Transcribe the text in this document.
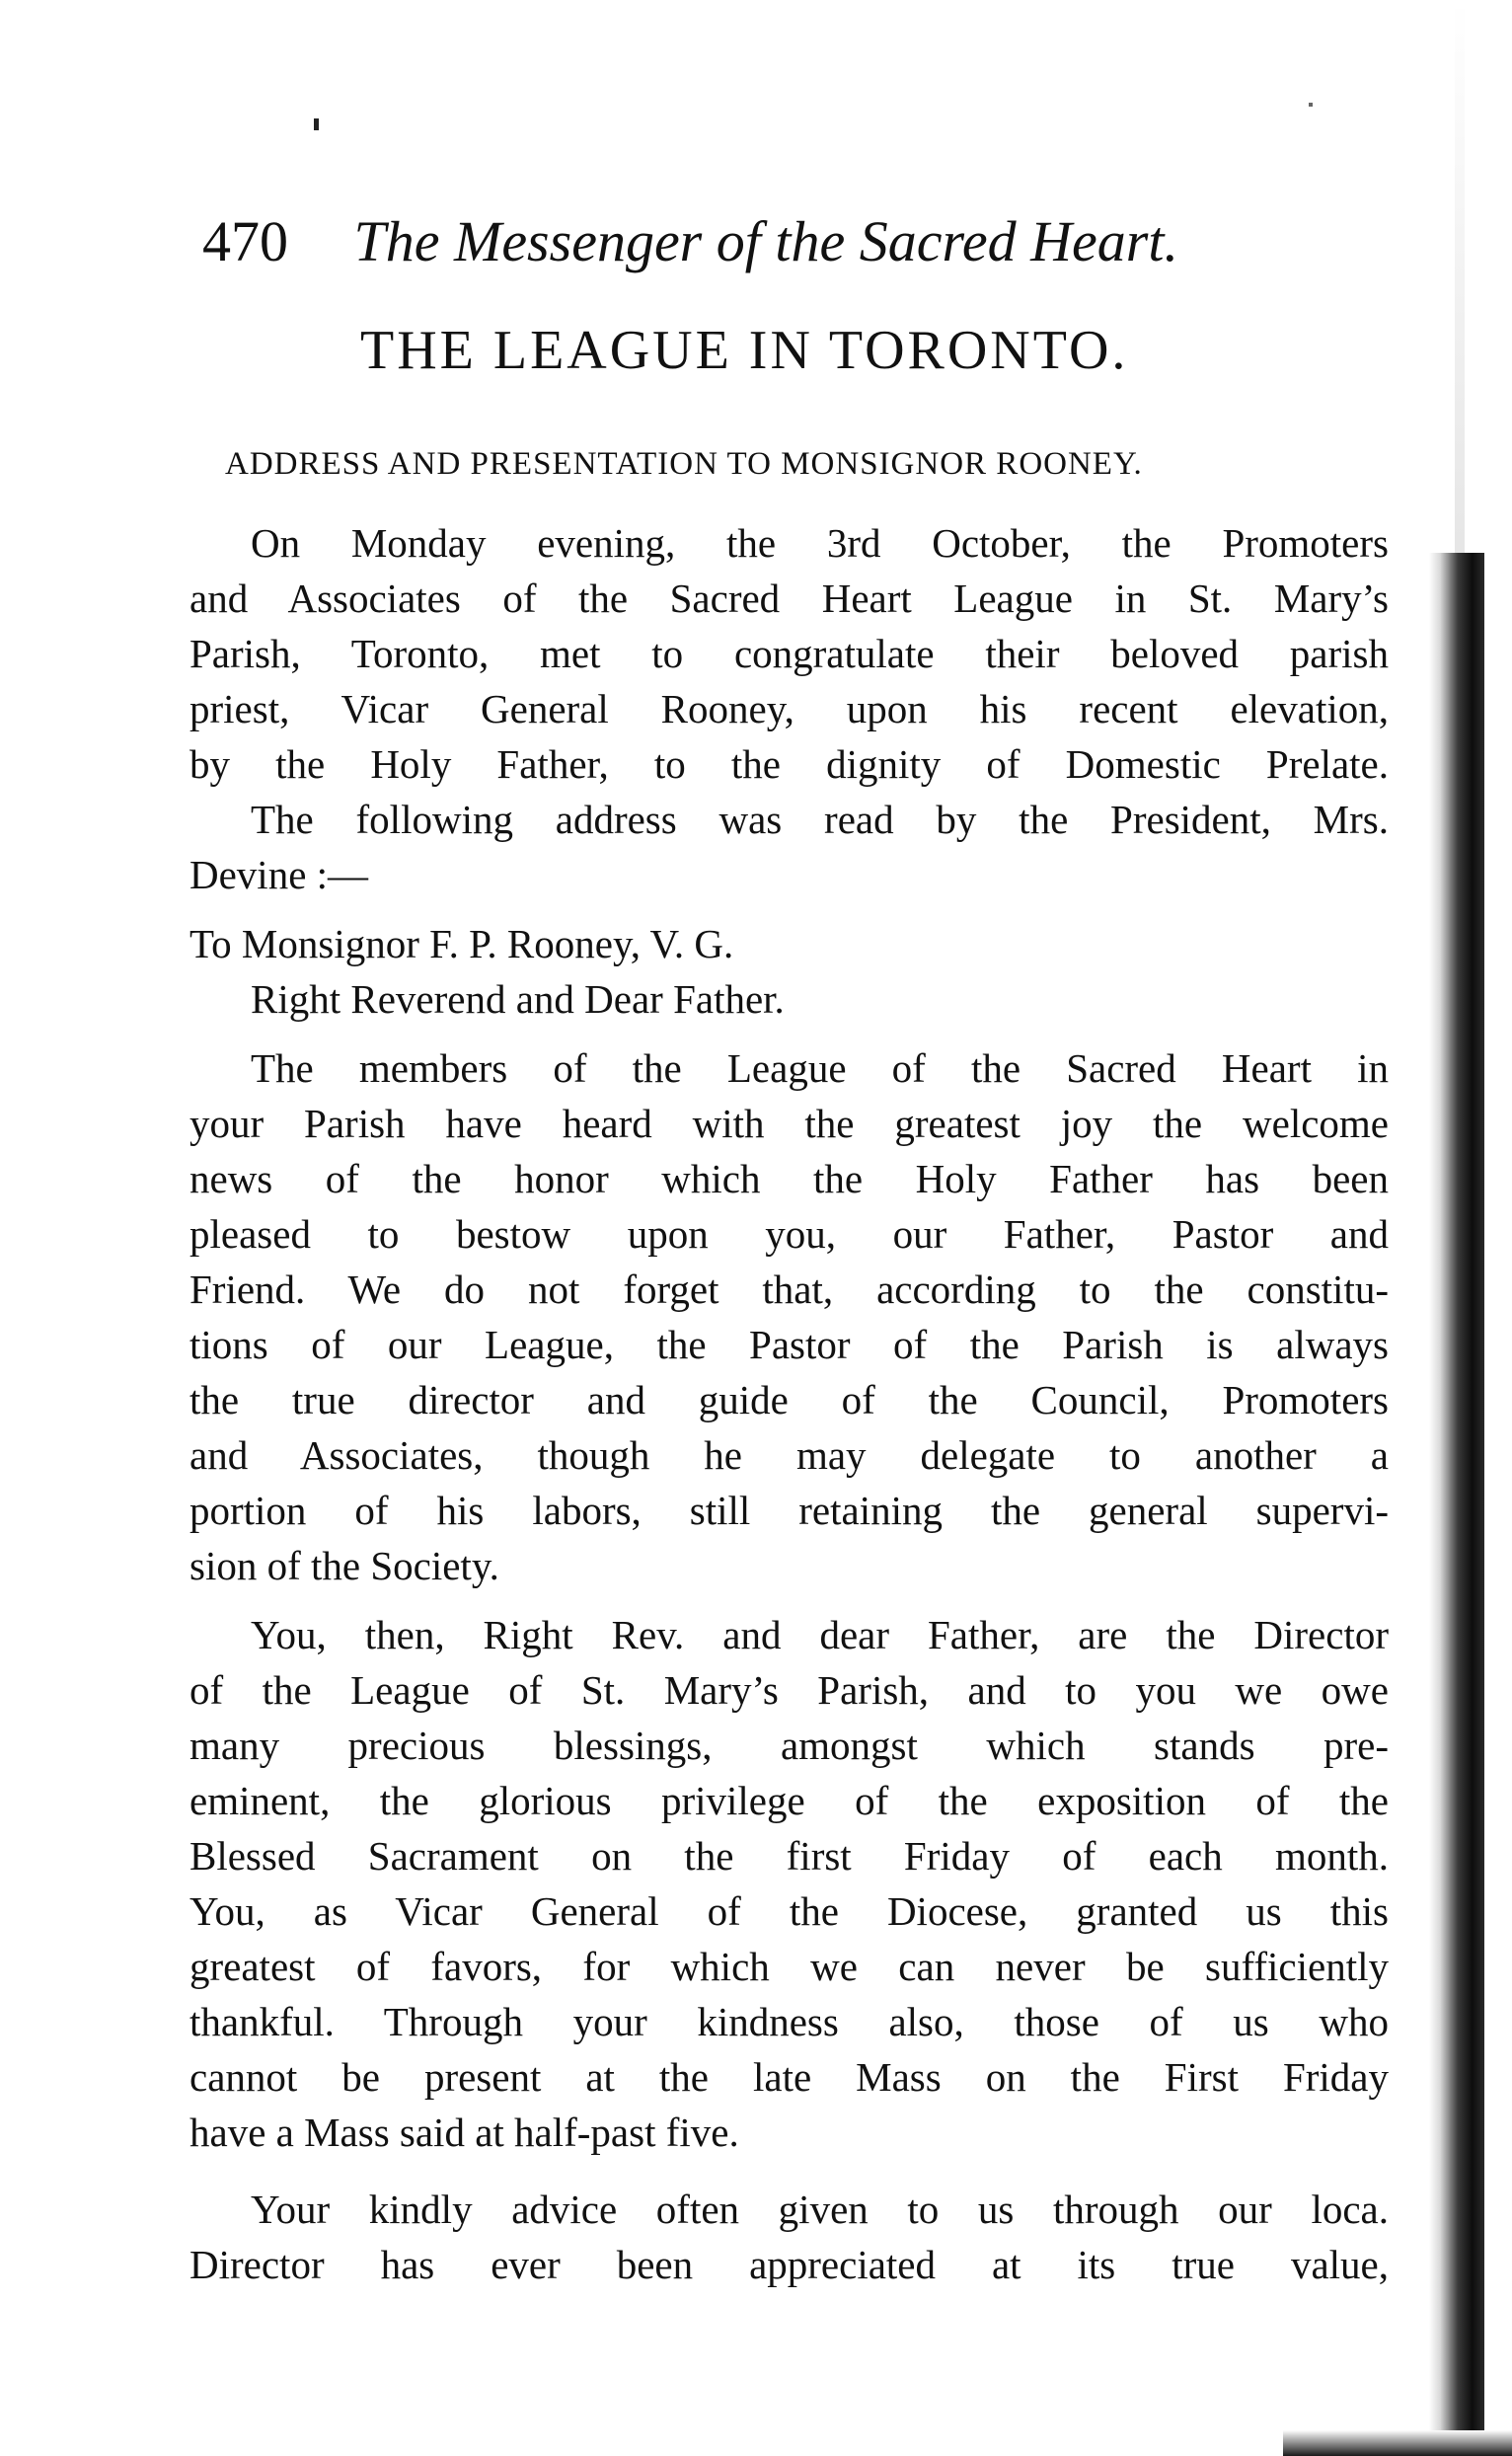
470 The Messenger of the Sacred Heart.
THE LEAGUE IN TORONTO.
ADDRESS AND PRESENTATION TO MONSIGNOR ROONEY.
On Monday evening, the 3rd October, the Promoters
and Associates of the Sacred Heart League in St. Mary’s
Parish, Toronto, met to congratulate their beloved parish
priest, Vicar General Rooney, upon his recent elevation,
by the Holy Father, to the dignity of Domestic Prelate.
The following address was read by the President, Mrs.
Devine :—
To Monsignor F. P. Rooney, V. G.
Right Reverend and Dear Father.
The members of the League of the Sacred Heart in
your Parish have heard with the greatest joy the welcome
news of the honor which the Holy Father has been
pleased to bestow upon you, our Father, Pastor and
Friend. We do not forget that, according to the constitu-
tions of our League, the Pastor of the Parish is always
the true director and guide of the Council, Promoters
and Associates, though he may delegate to another a
portion of his labors, still retaining the general supervi-
sion of the Society.
You, then, Right Rev. and dear Father, are the Director
of the League of St. Mary’s Parish, and to you we owe
many precious blessings, amongst which stands pre-
eminent, the glorious privilege of the exposition of the
Blessed Sacrament on the first Friday of each month.
You, as Vicar General of the Diocese, granted us this
greatest of favors, for which we can never be sufficiently
thankful. Through your kindness also, those of us who
cannot be present at the late Mass on the First Friday
have a Mass said at half-past five.
Your kindly advice often given to us through our loca.
Director has ever been appreciated at its true value,
